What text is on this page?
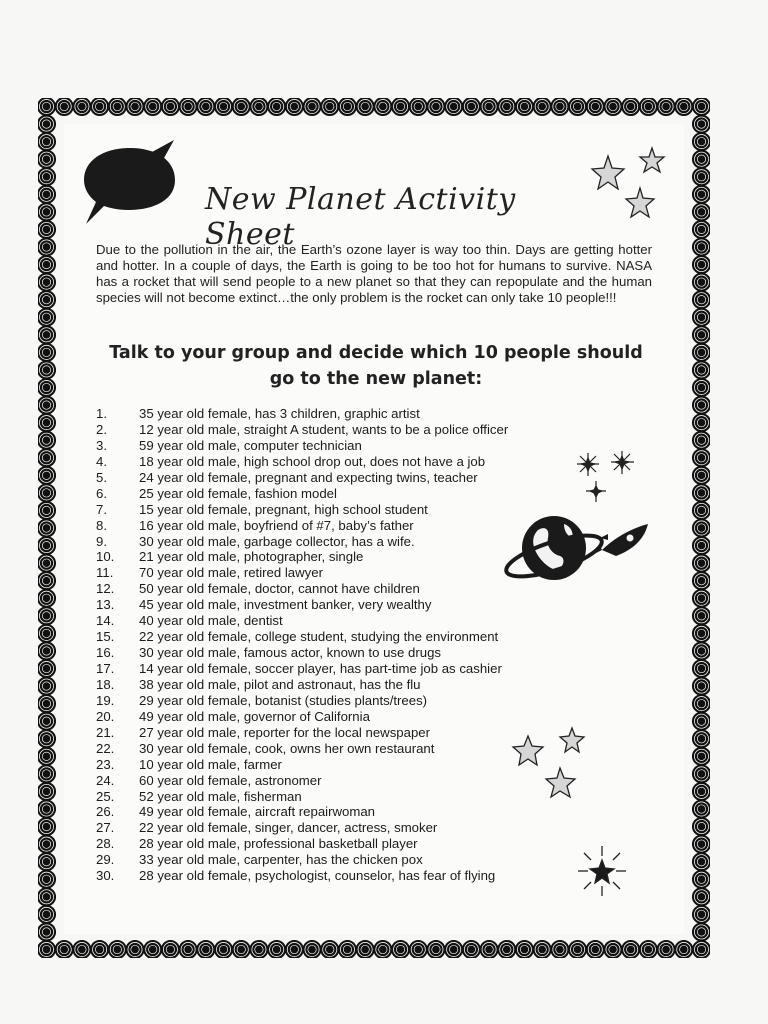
New Planet Activity Sheet
Due to the pollution in the air, the Earth’s ozone layer is way too thin. Days are getting hotter and hotter. In a couple of days, the Earth is going to be too hot for humans to survive. NASA has a rocket that will send people to a new planet so that they can repopulate and the human species will not become extinct…the only problem is the rocket can only take 10 people!!!
Talk to your group and decide which 10 people should go to the new planet:
1.	35 year old female, has 3 children, graphic artist
2.	12 year old male, straight A student, wants to be a police officer
3.	59 year old male, computer technician
4.	18 year old male, high school drop out, does not have a job
5.	24 year old female, pregnant and expecting twins, teacher
6.	25 year old female, fashion model
7.	15 year old female, pregnant, high school student
8.	16 year old male, boyfriend of #7, baby’s father
9.	30 year old male, garbage collector, has a wife.
10.	21 year old male, photographer, single
11.	70 year old male, retired lawyer
12.	50 year old female, doctor, cannot have children
13.	45 year old male, investment banker, very wealthy
14.	40 year old male, dentist
15.	22 year old female, college student, studying the environment
16.	30 year old male, famous actor, known to use drugs
17.	14 year old female, soccer player, has part-time job as cashier
18.	38 year old male, pilot and astronaut, has the flu
19.	29 year old female, botanist (studies plants/trees)
20.	49 year old male, governor of California
21.	27 year old male, reporter for the local newspaper
22.	30 year old female, cook, owns her own restaurant
23.	10 year old male, farmer
24.	60 year old female, astronomer
25.	52 year old male, fisherman
26.	49 year old female, aircraft repairwoman
27.	22 year old female, singer, dancer, actress, smoker
28.	28 year old male, professional basketball player
29.	33 year old male, carpenter, has the chicken pox
30.	28 year old female, psychologist, counselor, has fear of flying
